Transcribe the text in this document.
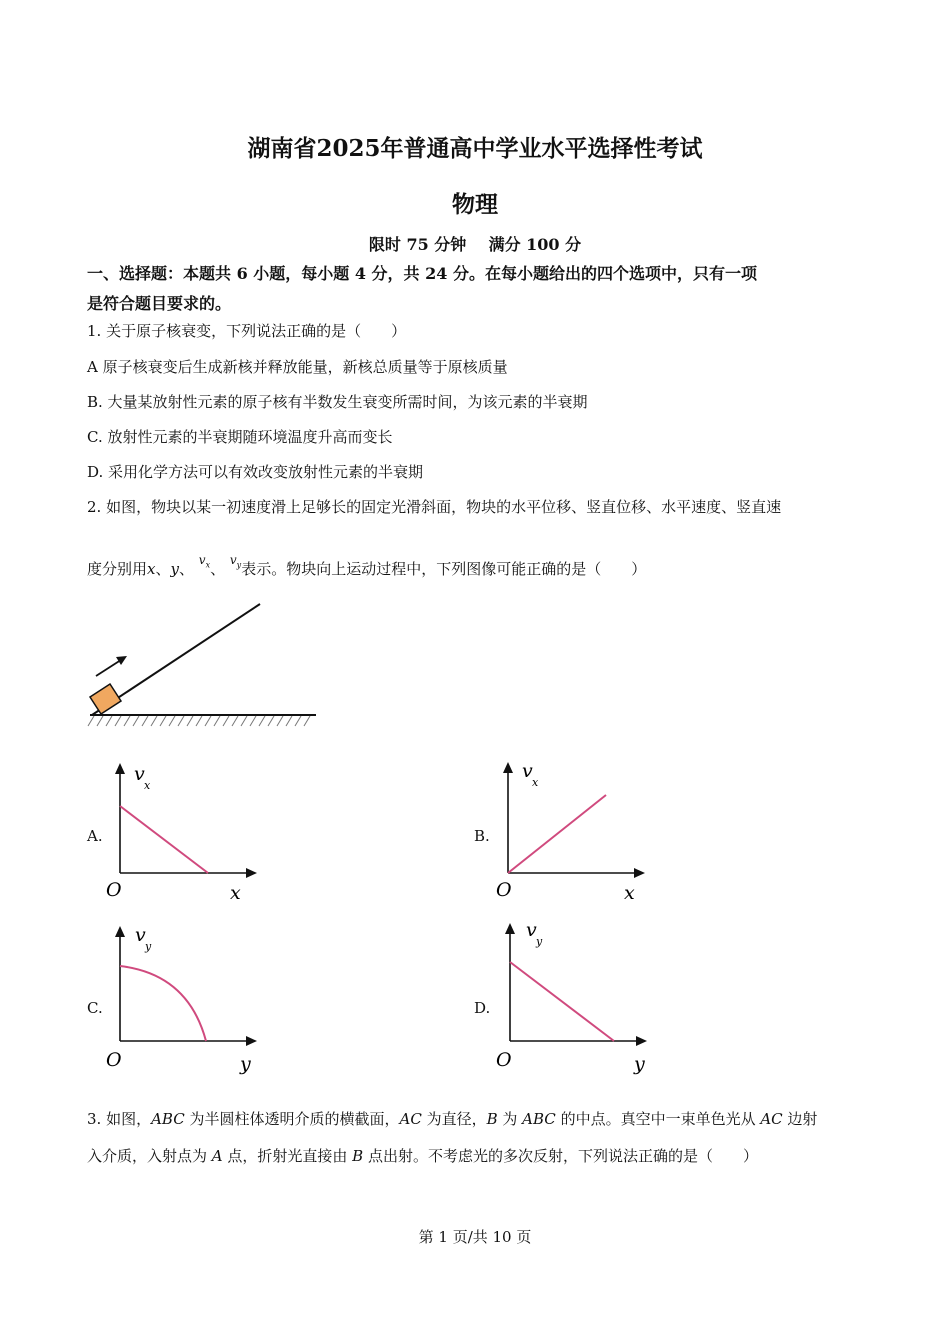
湖南省2025年普通高中学业水平选择性考试
物理
限时 75 分钟    满分 100 分
一、选择题：本题共 6 小题，每小题 4 分，共 24 分。在每小题给出的四个选项中，只有一项
是符合题目要求的。
1. 关于原子核衰变，下列说法正确的是（　　）
A 原子核衰变后生成新核并释放能量，新核总质量等于原核质量
B. 大量某放射性元素的原子核有半数发生衰变所需时间，为该元素的半衰期
C. 放射性元素的半衰期随环境温度升高而变长
D. 采用化学方法可以有效改变放射性元素的半衰期
2. 如图，物块以某一初速度滑上足够长的固定光滑斜面，物块的水平位移、竖直位移、水平速度、竖直速
度分别用x、y、 $^{v_x}$、 $^{v_y}$表示。物块向上运动过程中，下列图像可能正确的是（　　）
A.	B.
C.	D.
v
x
O	x
v
x
O	x
v
y
O	y
v
y
O	y
3. 如图，ABC 为半圆柱体透明介质的横截面，AC 为直径，B 为 ABC 的中点。真空中一束单色光从 AC 边射
入介质，入射点为 A 点，折射光直接由 B 点出射。不考虑光的多次反射，下列说法正确的是（　　）
第 1 页/共 10 页
